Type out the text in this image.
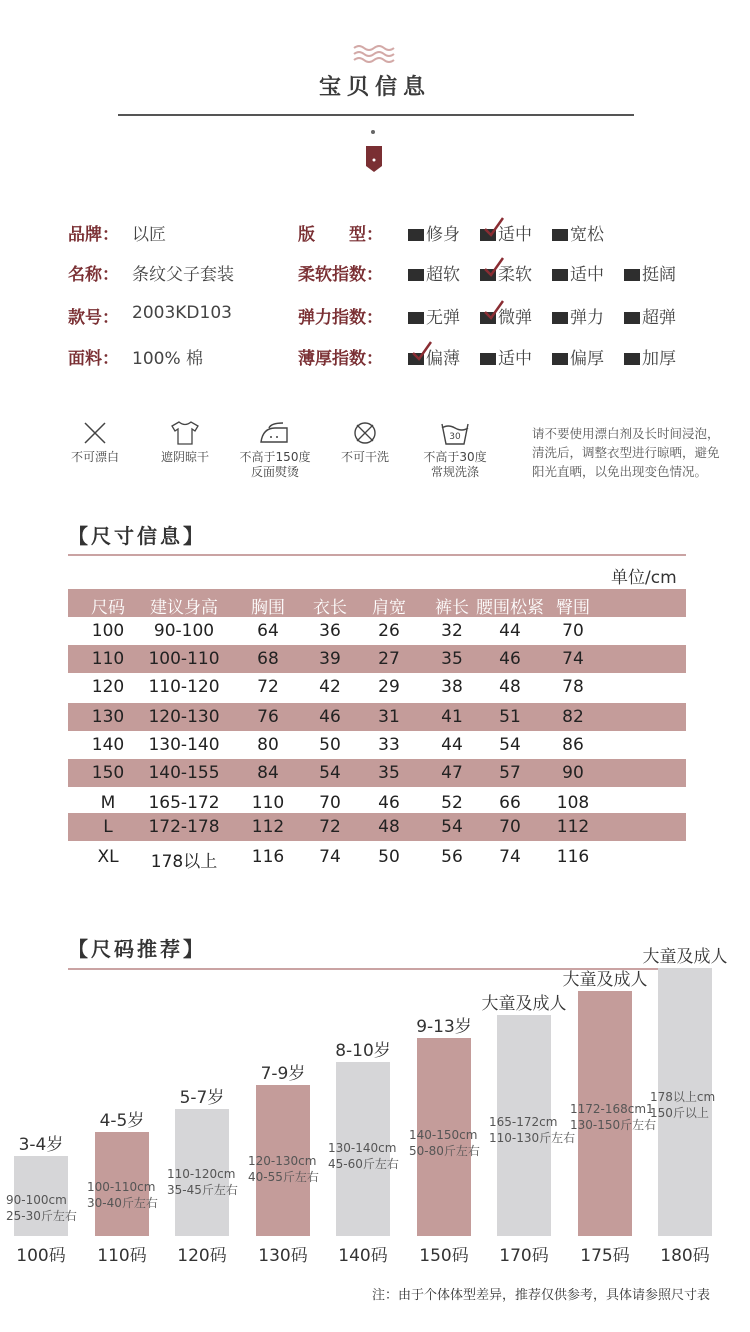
宝贝信息
品牌： 以匠
名称： 条纹父子套装
款号： 2003KD103
面料： 100% 棉
版　　型：	修身	适中	宽松
柔软指数：	超软	柔软	适中	挺阔
弹力指数：	无弹	微弹	弹力	超弹
薄厚指数：	偏薄	适中	偏厚	加厚
不可漂白	遮阴晾干	不高于150度
反面熨烫
不可干洗
30
不高于30度
常规洗涤
请不要使用漂白剂及长时间浸泡，
清洗后，调整衣型进行晾晒，避免
阳光直晒，以免出现变色情况。
【尺寸信息】
单位/cm
尺码	建议身高	胸围	衣长	肩宽	裤长 腰围松紧 臀围
100	90-100	64	36	26	32	44	70
110	100-110	68	39	27	35	46	74
120	110-120	72	42	29	38	48	78
130	120-130	76	46	31	41	51	82
140	130-140	80	50	33	44	54	86
150	140-155	84	54	35	47	57	90
M	165-172	110	70	46	52	66	108
L	172-178	112	72	48	54	70	112
XL	178以上	116	74	50	56	74	116
【尺码推荐】
3-4岁
90-100cm
25-30斤左右
100码
4-5岁
100-110cm
30-40斤左右
110码
5-7岁
110-120cm
35-45斤左右
120码
7-9岁
120-130cm
40-55斤左右
130码
8-10岁
130-140cm
45-60斤左右
140码
9-13岁
140-150cm
50-80斤左右
150码
大童及成人
165-172cm
110-130斤左右
170码
大童及成人
1172-168cm1
130-150斤左右
175码
大童及成人
178以上cm
150斤以上
180码
注：由于个体体型差异，推荐仅供参考，具体请参照尺寸表
